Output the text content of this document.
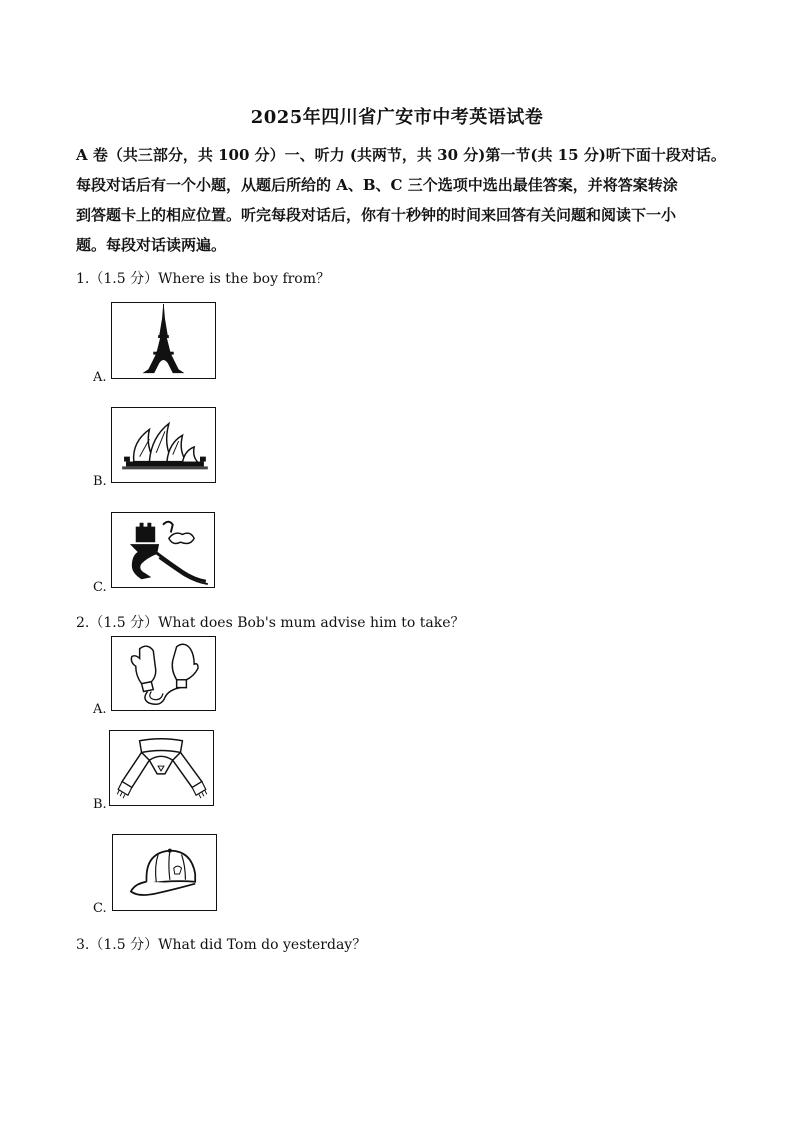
2025年四川省广安市中考英语试卷
A 卷（共三部分，共 100 分）一、听力 (共两节，共 30 分)第一节(共 15 分)听下面十段对话。
每段对话后有一个小题，从题后所给的 A、B、C 三个选项中选出最佳答案，并将答案转涂
到答题卡上的相应位置。听完每段对话后，你有十秒钟的时间来回答有关问题和阅读下一小
题。每段对话读两遍。
1.（1.5 分）Where is the boy from？
A.
B.
C.
2.（1.5 分）What does Bob's mum advise him to take？
A.
B.
C.
3.（1.5 分）What did Tom do yesterday？
